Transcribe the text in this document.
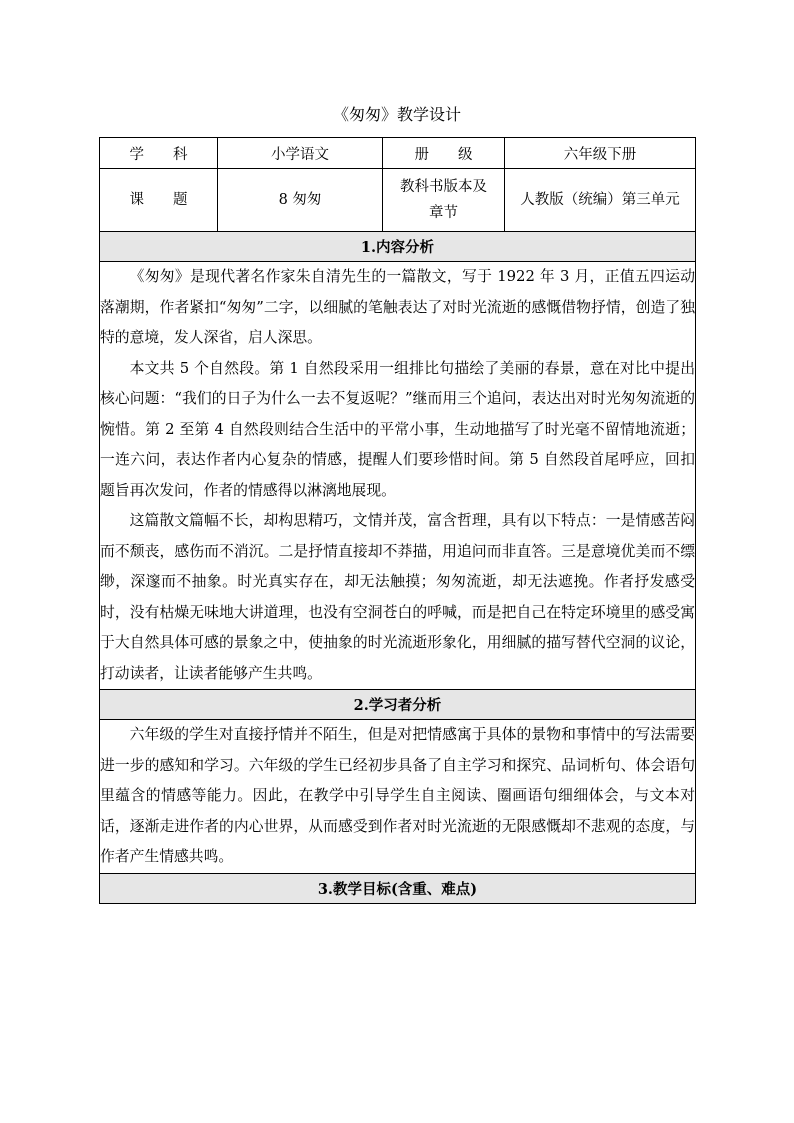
《匆匆》教学设计
学　　科	小学语文	册　　级	六年级下册
课　　题	8 匆匆	教科书版本及章节	人教版（统编）第三单元
1.内容分析			

《匆匆》是现代著名作家朱自清先生的一篇散文，写于 1922 年 3 月，正值五四运动落潮期，作者紧扣“匆匆”二字，以细腻的笔触表达了对时光流逝的感慨借物抒情，创造了独特的意境，发人深省，启人深思。

本文共 5 个自然段。第 1 自然段采用一组排比句描绘了美丽的春景，意在对比中提出核心问题：“我们的日子为什么一去不复返呢？”继而用三个追问，表达出对时光匆匆流逝的惋惜。第 2 至第 4 自然段则结合生活中的平常小事，生动地描写了时光毫不留情地流逝；一连六问，表达作者内心复杂的情感，提醒人们要珍惜时间。第 5 自然段首尾呼应，回扣题旨再次发问，作者的情感得以淋漓地展现。

这篇散文篇幅不长，却构思精巧，文情并茂，富含哲理，具有以下特点：一是情感苦闷而不颓丧，感伤而不消沉。二是抒情直接却不莽描，用追问而非直答。三是意境优美而不缥缈，深邃而不抽象。时光真实存在，却无法触摸；匆匆流逝，却无法遮挽。作者抒发感受时，没有枯燥无味地大讲道理，也没有空洞苍白的呼喊，而是把自己在特定环境里的感受寓于大自然具体可感的景象之中，使抽象的时光流逝形象化，用细腻的描写替代空洞的议论，打动读者，让读者能够产生共鸣。			

2.学习者分析			

六年级的学生对直接抒情并不陌生，但是对把情感寓于具体的景物和事情中的写法需要进一步的感知和学习。六年级的学生已经初步具备了自主学习和探究、品词析句、体会语句里蕴含的情感等能力。因此，在教学中引导学生自主阅读、圈画语句细细体会，与文本对话，逐渐走进作者的内心世界，从而感受到作者对时光流逝的无限感慨却不悲观的态度，与作者产生情感共鸣。			

3.教学目标(含重、难点)			
